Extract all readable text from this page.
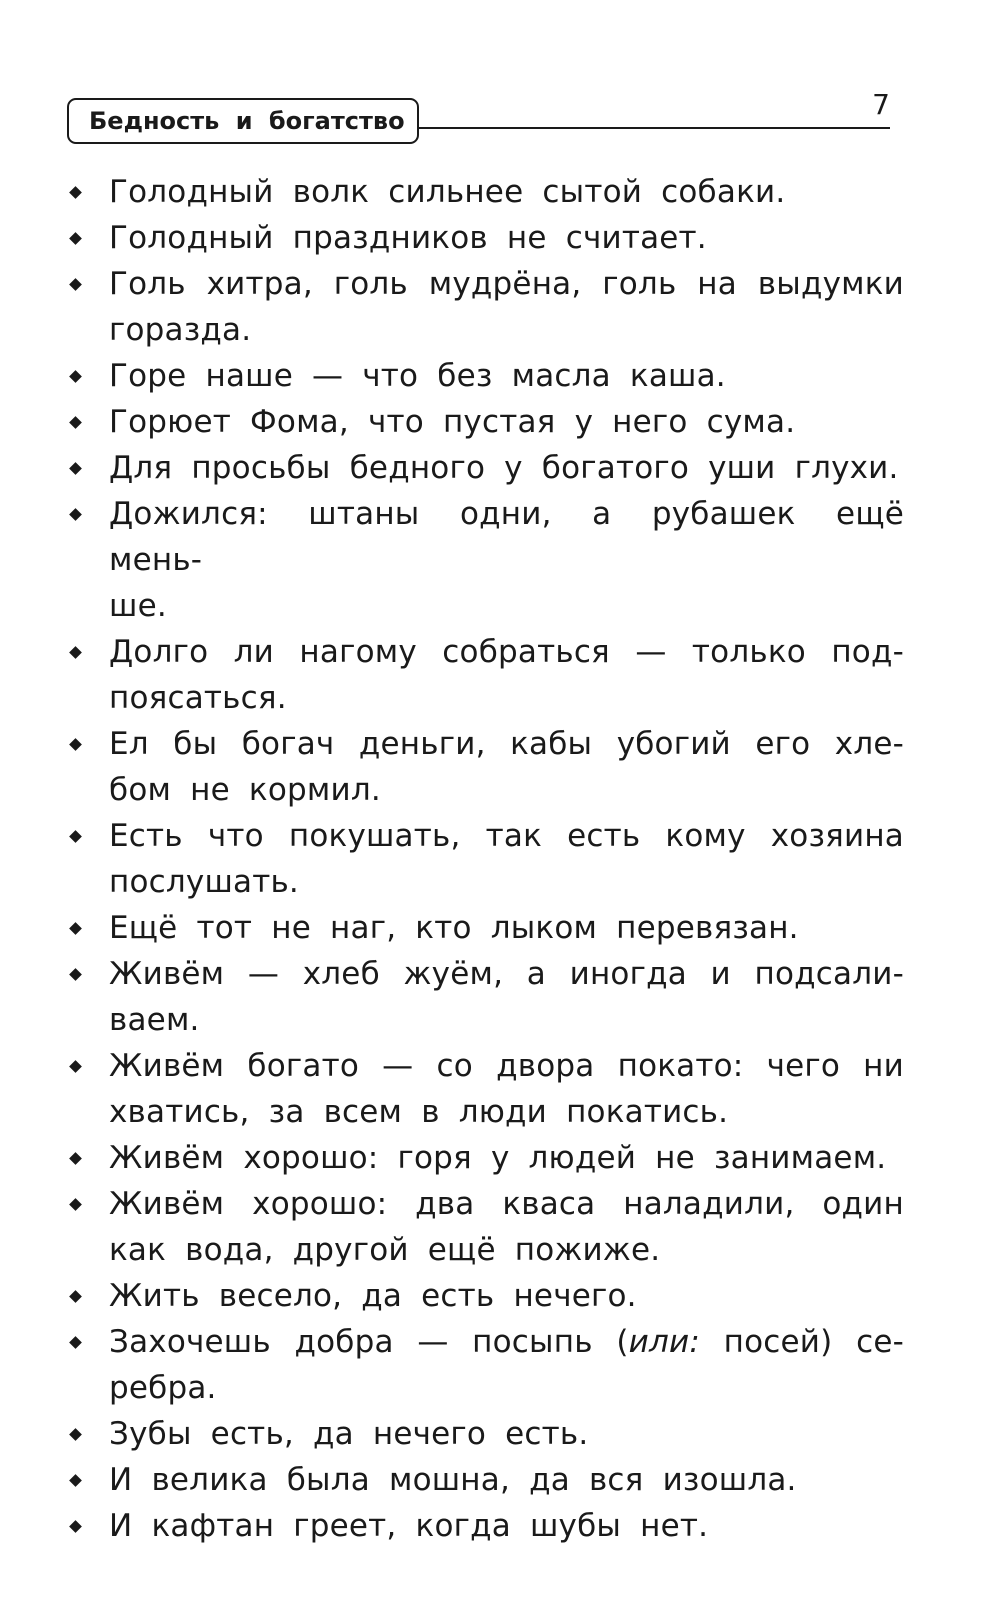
Бедность и богатство	7
Голодный волк сильнее сытой собаки.
Голодный праздников не считает.
Голь хитра, голь мудрёна, голь на выдумки
горазда.
Горе наше — что без масла каша.
Горюет Фома, что пустая у него сума.
Для просьбы бедного у богатого уши глухи.
Дожился: штаны одни, а рубашек ещё мень-
ше.
Долго ли нагому собраться — только под-
поясаться.
Ел бы богач деньги, кабы убогий его хле-
бом не кормил.
Есть что покушать, так есть кому хозяина
послушать.
Ещё тот не наг, кто лыком перевязан.
Живём — хлеб жуём, а иногда и подсали-
ваем.
Живём богато — со двора покато: чего ни
хватись, за всем в люди покатись.
Живём хорошо: горя у людей не занимаем.
Живём хорошо: два кваса наладили, один
как вода, другой ещё пожиже.
Жить весело, да есть нечего.
Захочешь добра — посыпь (или: посей) се-
ребра.
Зубы есть, да нечего есть.
И велика была мошна, да вся изошла.
И кафтан греет, когда шубы нет.
